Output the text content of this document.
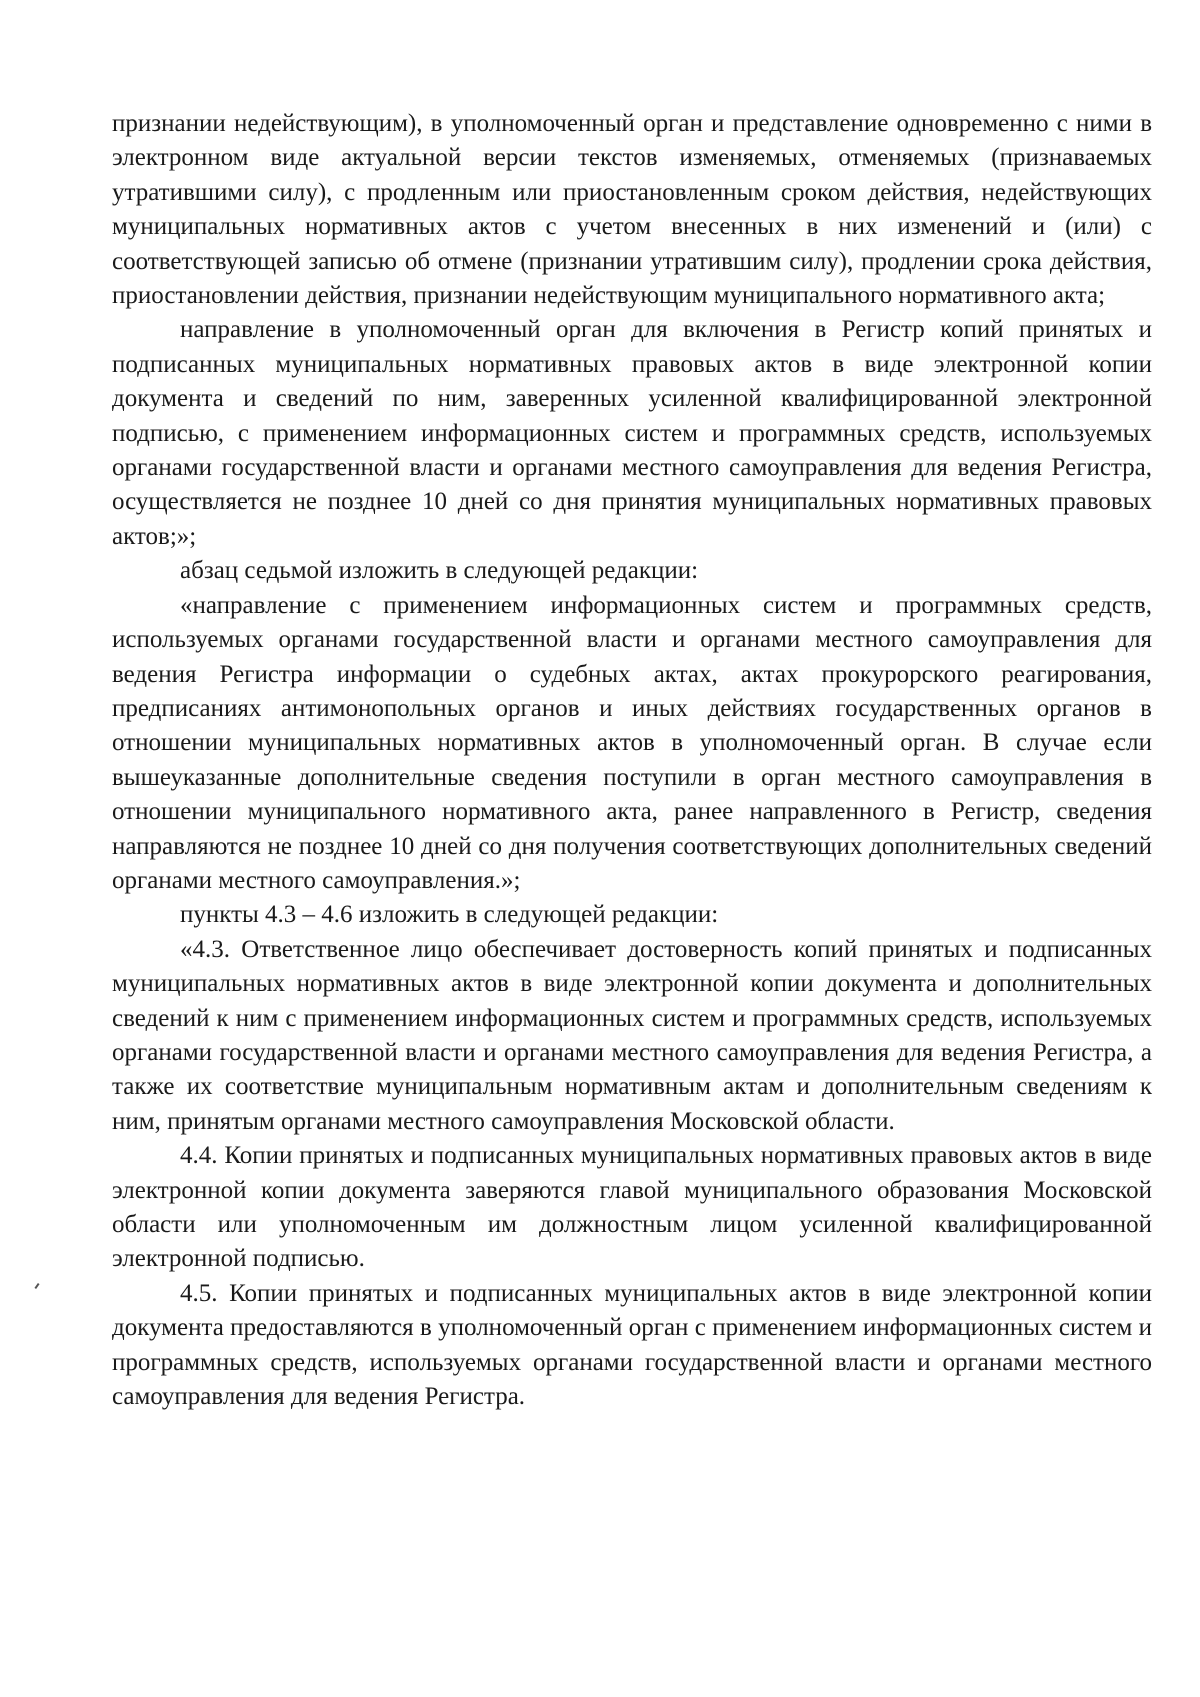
признании недействующим), в уполномоченный орган и представление одновременно с ними в электронном виде актуальной версии текстов изменяемых, отменяемых (признаваемых утратившими силу), с продленным или приостановленным сроком действия, недействующих муниципальных нормативных актов с учетом внесенных в них изменений и (или) с соответствующей записью об отмене (признании утратившим силу), продлении срока действия, приостановлении действия, признании недействующим муниципального нормативного акта;

направление в уполномоченный орган для включения в Регистр копий принятых и подписанных муниципальных нормативных правовых актов в виде электронной копии документа и сведений по ним, заверенных усиленной квалифицированной электронной подписью, с применением информационных систем и программных средств, используемых органами государственной власти и органами местного самоуправления для ведения Регистра, осуществляется не позднее 10 дней со дня принятия муниципальных нормативных правовых актов;»;

абзац седьмой изложить в следующей редакции:

«направление с применением информационных систем и программных средств, используемых органами государственной власти и органами местного самоуправления для ведения Регистра информации о судебных актах, актах прокурорского реагирования, предписаниях антимонопольных органов и иных действиях государственных органов в отношении муниципальных нормативных актов в уполномоченный орган. В случае если вышеуказанные дополнительные сведения поступили в орган местного самоуправления в отношении муниципального нормативного акта, ранее направленного в Регистр, сведения направляются не позднее 10 дней со дня получения соответствующих дополнительных сведений органами местного самоуправления.»;

пункты 4.3 – 4.6 изложить в следующей редакции:

«4.3. Ответственное лицо обеспечивает достоверность копий принятых и подписанных муниципальных нормативных актов в виде электронной копии документа и дополнительных сведений к ним с применением информационных систем и программных средств, используемых органами государственной власти и органами местного самоуправления для ведения Регистра, а также их соответствие муниципальным нормативным актам и дополнительным сведениям к ним, принятым органами местного самоуправления Московской области.

4.4. Копии принятых и подписанных муниципальных нормативных правовых актов в виде электронной копии документа заверяются главой муниципального образования Московской области или уполномоченным им должностным лицом усиленной квалифицированной электронной подписью.

4.5. Копии принятых и подписанных муниципальных актов в виде электронной копии документа предоставляются в уполномоченный орган с применением информационных систем и программных средств, используемых органами государственной власти и органами местного самоуправления для ведения Регистра.
